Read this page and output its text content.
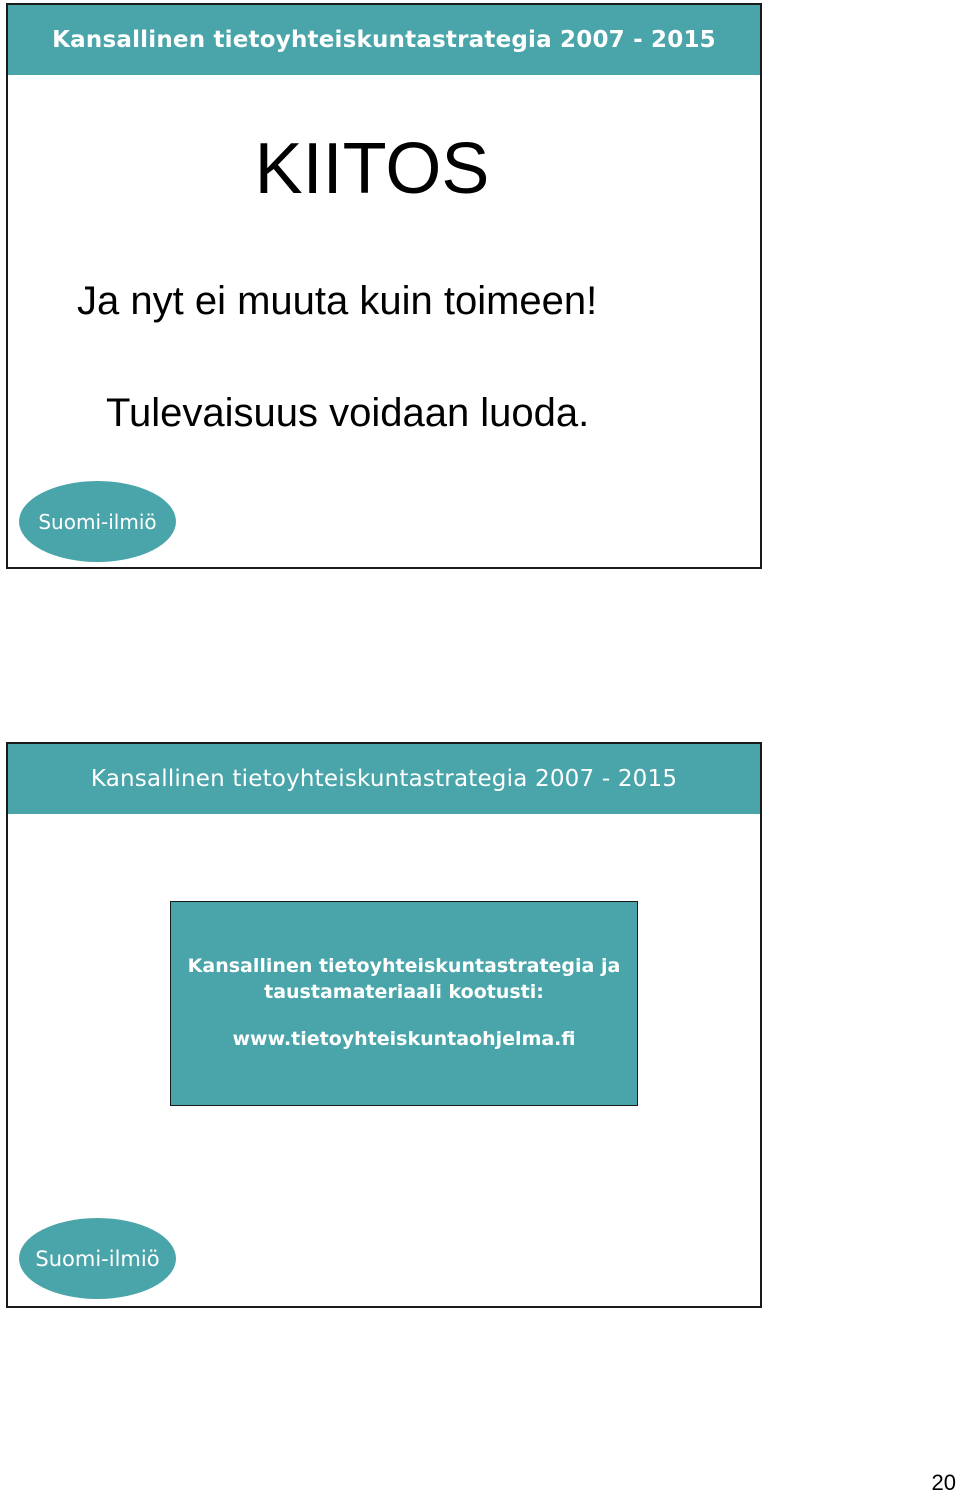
Kansallinen tietoyhteiskuntastrategia 2007 - 2015
KIITOS
Ja nyt ei muuta kuin toimeen!
Tulevaisuus voidaan luoda.
Suomi-ilmiö
Kansallinen tietoyhteiskuntastrategia 2007 - 2015
Kansallinen tietoyhteiskuntastrategia ja
taustamateriaali kootusti:
www.tietoyhteiskuntaohjelma.fi
Suomi-ilmiö
20
